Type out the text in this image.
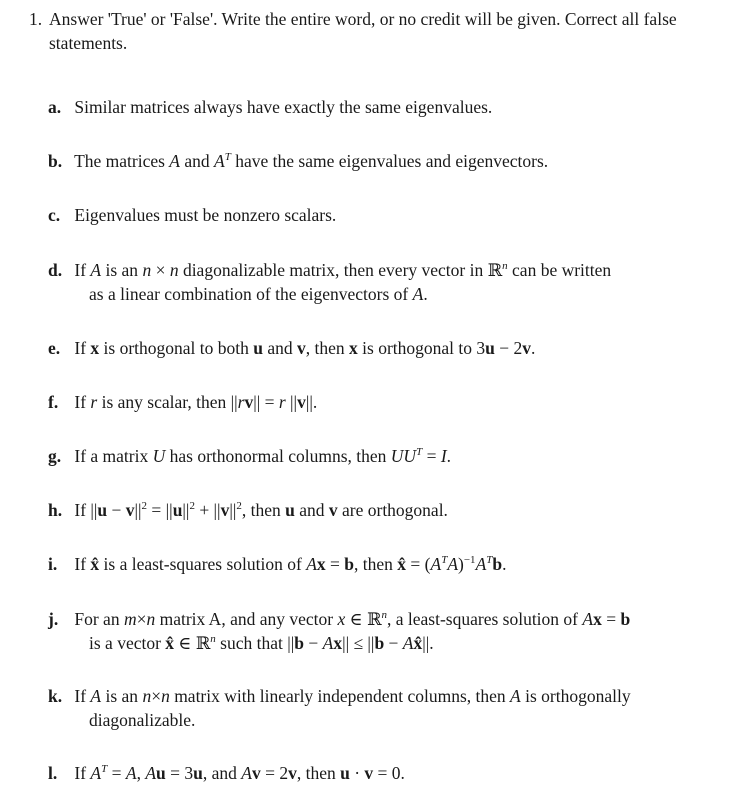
1. Answer 'True' or 'False'. Write the entire word, or no credit will be given. Correct all false statements.
a. Similar matrices always have exactly the same eigenvalues.
b. The matrices A and $A^T$ have the same eigenvalues and eigenvectors.
c. Eigenvalues must be nonzero scalars.
d. If A is an n × n diagonalizable matrix, then every vector in ℝ$^n$ can be written
as a linear combination of the eigenvectors of A.
e. If x is orthogonal to both u and v, then x is orthogonal to 3u − 2v.
f. If r is any scalar, then ||rv|| = r ||v||.
g. If a matrix U has orthonormal columns, then $UU^T = I$.
h. If $||u - v||^2 = ||u||^2 + ||v||^2$, then u and v are orthogonal.
i. If x̂ is a least-squares solution of Ax = b, then x̂ = $(A^TA)^{-1}A^Tb$.
j. For an m×n matrix A, and any vector x ∈ ℝ$^n$, a least-squares solution of Ax = b
is a vector x̂ ∈ ℝ$^n$ such that ||b − Ax|| ≤ ||b − Ax̂||.
k. If A is an n×n matrix with linearly independent columns, then A is orthogonally
diagonalizable.
l. If $A^T = A$, Au = 3u, and Av = 2v, then u · v = 0.
